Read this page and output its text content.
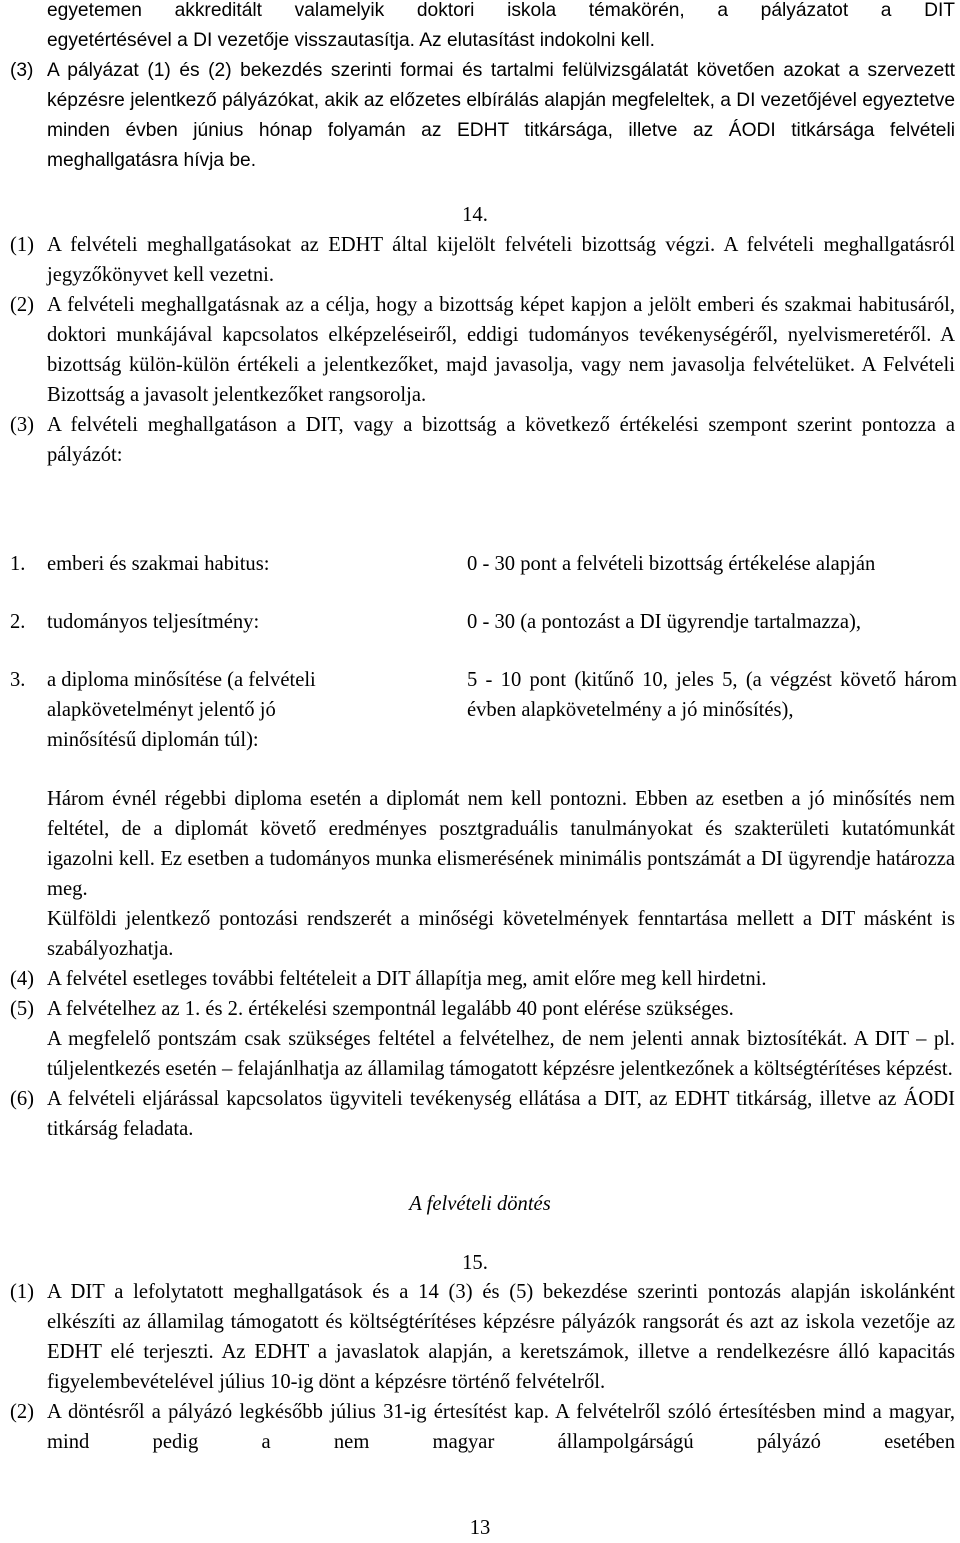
egyetemen akkreditált valamelyik doktori iskola témakörén, a pályázatot a DIT
egyetértésével a DI vezetője visszautasítja. Az elutasítást indokolni kell.
(3) A pályázat (1) és (2) bekezdés szerinti formai és tartalmi felülvizsgálatát követően azokat a szervezett képzésre jelentkező pályázókat, akik az előzetes elbírálás alapján megfeleltek, a DI vezetőjével egyeztetve minden évben június hónap folyamán az EDHT titkársága, illetve az ÁODI titkársága felvételi meghallgatásra hívja be.
14.
(1) A felvételi meghallgatásokat az EDHT által kijelölt felvételi bizottság végzi. A felvételi meghallgatásról jegyzőkönyvet kell vezetni.
(2) A felvételi meghallgatásnak az a célja, hogy a bizottság képet kapjon a jelölt emberi és szakmai habitusáról, doktori munkájával kapcsolatos elképzeléseiről, eddigi tudományos tevékenységéről, nyelvismeretéről. A bizottság külön-külön értékeli a jelentkezőket, majd javasolja, vagy nem javasolja felvételüket. A Felvételi Bizottság a javasolt jelentkezőket rangsorolja.
(3) A felvételi meghallgatáson a DIT, vagy a bizottság a következő értékelési szempont szerint pontozza a pályázót:
1. emberi és szakmai habitus:	0 - 30 pont a felvételi bizottság értékelése alapján
2. tudományos teljesítmény:	0 - 30 (a pontozást a DI ügyrendje tartalmazza),
3. a diploma minősítése (a felvételi alapkövetelményt jelentő jó minősítésű diplomán túl):
5 - 10 pont (kitűnő 10, jeles 5, (a végzést követő három évben alapkövetelmény a jó minősítés),
Három évnél régebbi diploma esetén a diplomát nem kell pontozni. Ebben az esetben a jó minősítés nem feltétel, de a diplomát követő eredményes posztgraduális tanulmányokat és szakterületi kutatómunkát igazolni kell. Ez esetben a tudományos munka elismerésének minimális pontszámát a DI ügyrendje határozza meg.
Külföldi jelentkező pontozási rendszerét a minőségi követelmények fenntartása mellett a DIT másként is szabályozhatja.
(4) A felvétel esetleges további feltételeit a DIT állapítja meg, amit előre meg kell hirdetni.
(5) A felvételhez az 1. és 2. értékelési szempontnál legalább 40 pont elérése szükséges.
A megfelelő pontszám csak szükséges feltétel a felvételhez, de nem jelenti annak biztosítékát. A DIT – pl. túljelentkezés esetén – felajánlhatja az államilag támogatott képzésre jelentkezőnek a költségtérítéses képzést.
(6) A felvételi eljárással kapcsolatos ügyviteli tevékenység ellátása a DIT, az EDHT titkárság, illetve az ÁODI titkárság feladata.
A felvételi döntés
15.
(1) A DIT a lefolytatott meghallgatások és a 14 (3) és (5) bekezdése szerinti pontozás alapján iskolánként elkészíti az államilag támogatott és költségtérítéses képzésre pályázók rangsorát és azt az iskola vezetője az EDHT elé terjeszti. Az EDHT a javaslatok alapján, a keretszámok, illetve a rendelkezésre álló kapacitás figyelembevételével július 10-ig dönt a képzésre történő felvételről.
(2) A döntésről a pályázó legkésőbb július 31-ig értesítést kap. A felvételről szóló értesítésben mind a magyar, mind pedig a nem magyar állampolgárságú pályázó esetében
13
